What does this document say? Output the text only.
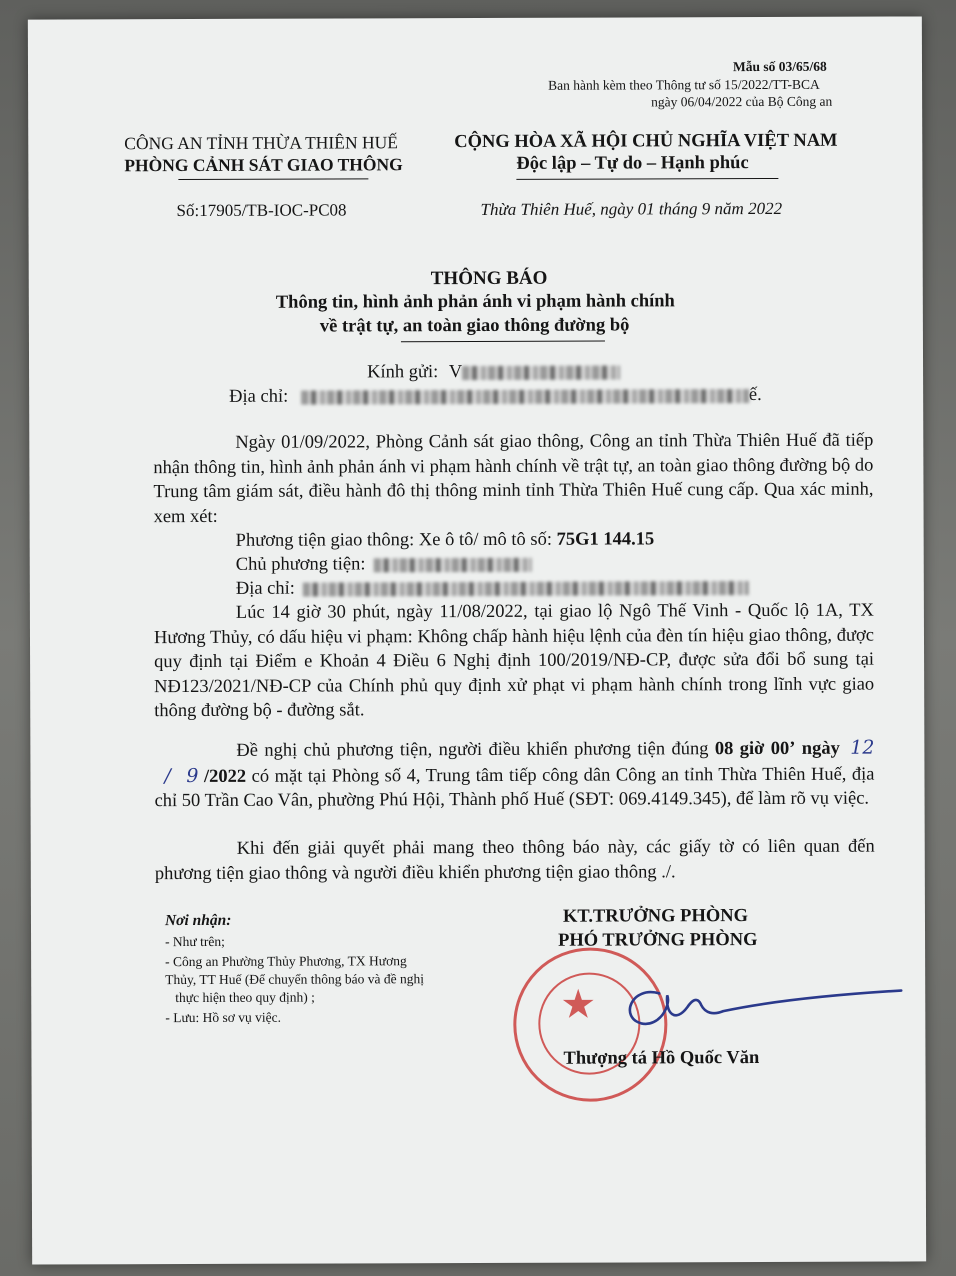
Mẫu số 03/65/68
Ban hành kèm theo Thông tư số 15/2022/TT-BCA
ngày 06/04/2022 của Bộ Công an
CÔNG AN TỈNH THỪA THIÊN HUẾ
PHÒNG CẢNH SÁT GIAO THÔNG
Số:17905/TB-IOC-PC08
CỘNG HÒA XÃ HỘI CHỦ NGHĨA VIỆT NAM
Độc lập – Tự do – Hạnh phúc
Thừa Thiên Huế, ngày 01 tháng 9 năm 2022
THÔNG BÁO
Thông tin, hình ảnh phản ánh vi phạm hành chính
về trật tự, an toàn giao thông đường bộ
Kính gửi: V
Địa chỉ:	ế.
Ngày 01/09/2022, Phòng Cảnh sát giao thông, Công an tỉnh Thừa Thiên Huế đã tiếp nhận thông tin, hình ảnh phản ánh vi phạm hành chính về trật tự, an toàn giao thông đường bộ do Trung tâm giám sát, điều hành đô thị thông minh tỉnh Thừa Thiên Huế cung cấp. Qua xác minh, xem xét:
Phương tiện giao thông: Xe ô tô/ mô tô số: 75G1 144.15
Chủ phương tiện:
Địa chỉ:
Lúc 14 giờ 30 phút, ngày 11/08/2022, tại giao lộ Ngô Thế Vinh - Quốc lộ 1A, TX Hương Thủy, có dấu hiệu vi phạm: Không chấp hành hiệu lệnh của đèn tín hiệu giao thông, được quy định tại Điểm e Khoản 4 Điều 6 Nghị định 100/2019/NĐ-CP, được sửa đổi bổ sung tại NĐ123/2021/NĐ-CP của Chính phủ quy định xử phạt vi phạm hành chính trong lĩnh vực giao thông đường bộ - đường sắt.
Đề nghị chủ phương tiện, người điều khiển phương tiện đúng 08 giờ 00’ ngày 12 / 9 /2022 có mặt tại Phòng số 4, Trung tâm tiếp công dân Công an tỉnh Thừa Thiên Huế, địa chỉ 50 Trần Cao Vân, phường Phú Hội, Thành phố Huế (SĐT: 069.4149.345), để làm rõ vụ việc.
Khi đến giải quyết phải mang theo thông báo này, các giấy tờ có liên quan đến phương tiện giao thông và người điều khiển phương tiện giao thông ./.
Nơi nhận:
- Như trên;
- Công an Phường Thủy Phương, TX Hương
Thủy, TT Huế (Để chuyển thông báo và đề nghị
thực hiện theo quy định) ;
- Lưu: Hồ sơ vụ việc.
KT.TRƯỞNG PHÒNG
PHÓ TRƯỞNG PHÒNG
★
Thượng tá Hồ Quốc Văn
